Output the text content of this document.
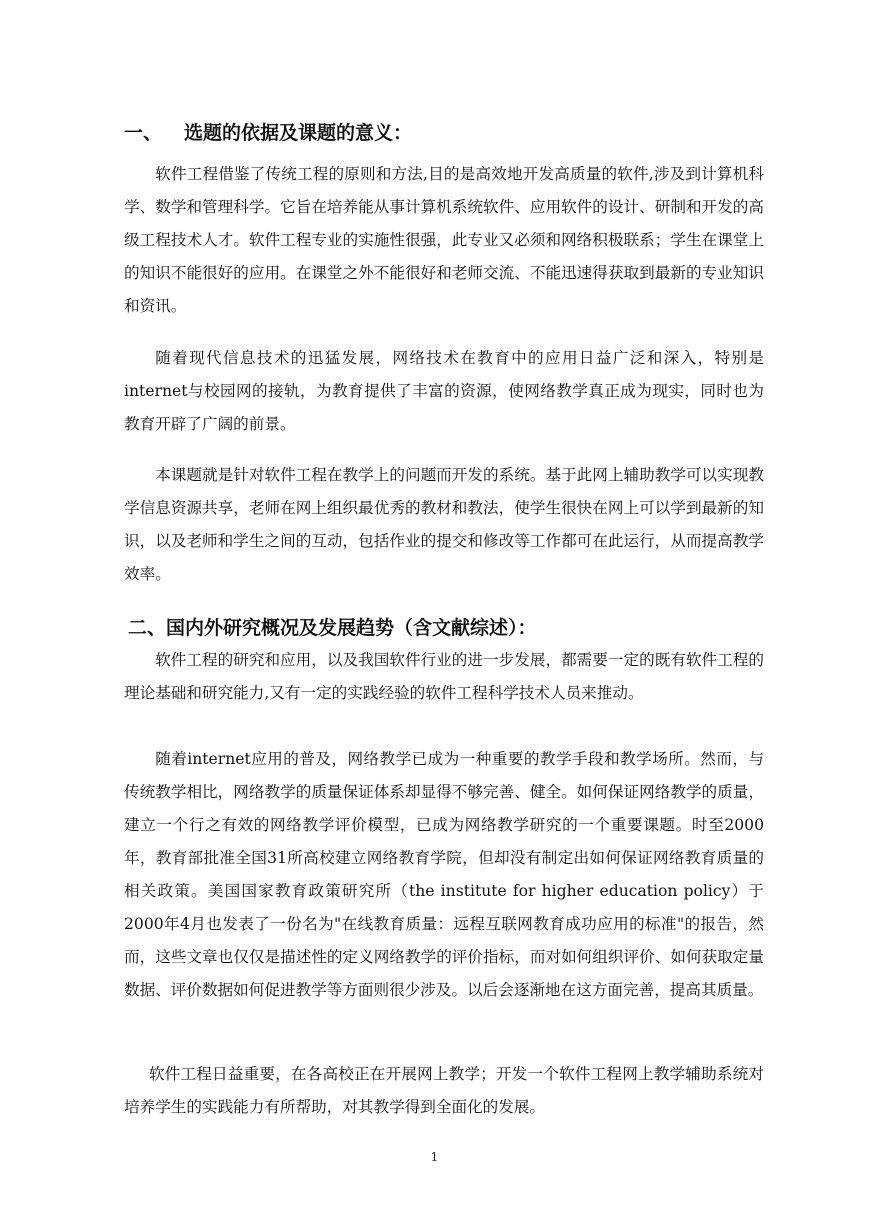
一、 选题的依据及课题的意义：

软件工程借鉴了传统工程的原则和方法,目的是高效地开发高质量的软件,涉及到计算机科学、数学和管理科学。它旨在培养能从事计算机系统软件、应用软件的设计、研制和开发的高级工程技术人才。软件工程专业的实施性很强，此专业又必须和网络积极联系；学生在课堂上的知识不能很好的应用。在课堂之外不能很好和老师交流、不能迅速得获取到最新的专业知识和资讯。

随着现代信息技术的迅猛发展，网络技术在教育中的应用日益广泛和深入，特别是internet与校园网的接轨，为教育提供了丰富的资源，使网络教学真正成为现实，同时也为教育开辟了广阔的前景。

本课题就是针对软件工程在教学上的问题而开发的系统。基于此网上辅助教学可以实现教学信息资源共享，老师在网上组织最优秀的教材和教法，使学生很快在网上可以学到最新的知识，以及老师和学生之间的互动，包括作业的提交和修改等工作都可在此运行，从而提高教学效率。

二、国内外研究概况及发展趋势（含文献综述）：

软件工程的研究和应用，以及我国软件行业的进一步发展，都需要一定的既有软件工程的理论基础和研究能力,又有一定的实践经验的软件工程科学技术人员来推动。

随着internet应用的普及，网络教学已成为一种重要的教学手段和教学场所。然而，与传统教学相比，网络教学的质量保证体系却显得不够完善、健全。如何保证网络教学的质量，建立一个行之有效的网络教学评价模型，已成为网络教学研究的一个重要课题。时至2000年，教育部批准全国31所高校建立网络教育学院，但却没有制定出如何保证网络教育质量的相关政策。美国国家教育政策研究所（the institute for higher education policy）于2000年4月也发表了一份名为"在线教育质量：远程互联网教育成功应用的标准"的报告，然而，这些文章也仅仅是描述性的定义网络教学的评价指标，而对如何组织评价、如何获取定量数据、评价数据如何促进教学等方面则很少涉及。以后会逐渐地在这方面完善，提高其质量。

软件工程日益重要，在各高校正在开展网上教学；开发一个软件工程网上教学辅助系统对培养学生的实践能力有所帮助，对其教学得到全面化的发展。

1
